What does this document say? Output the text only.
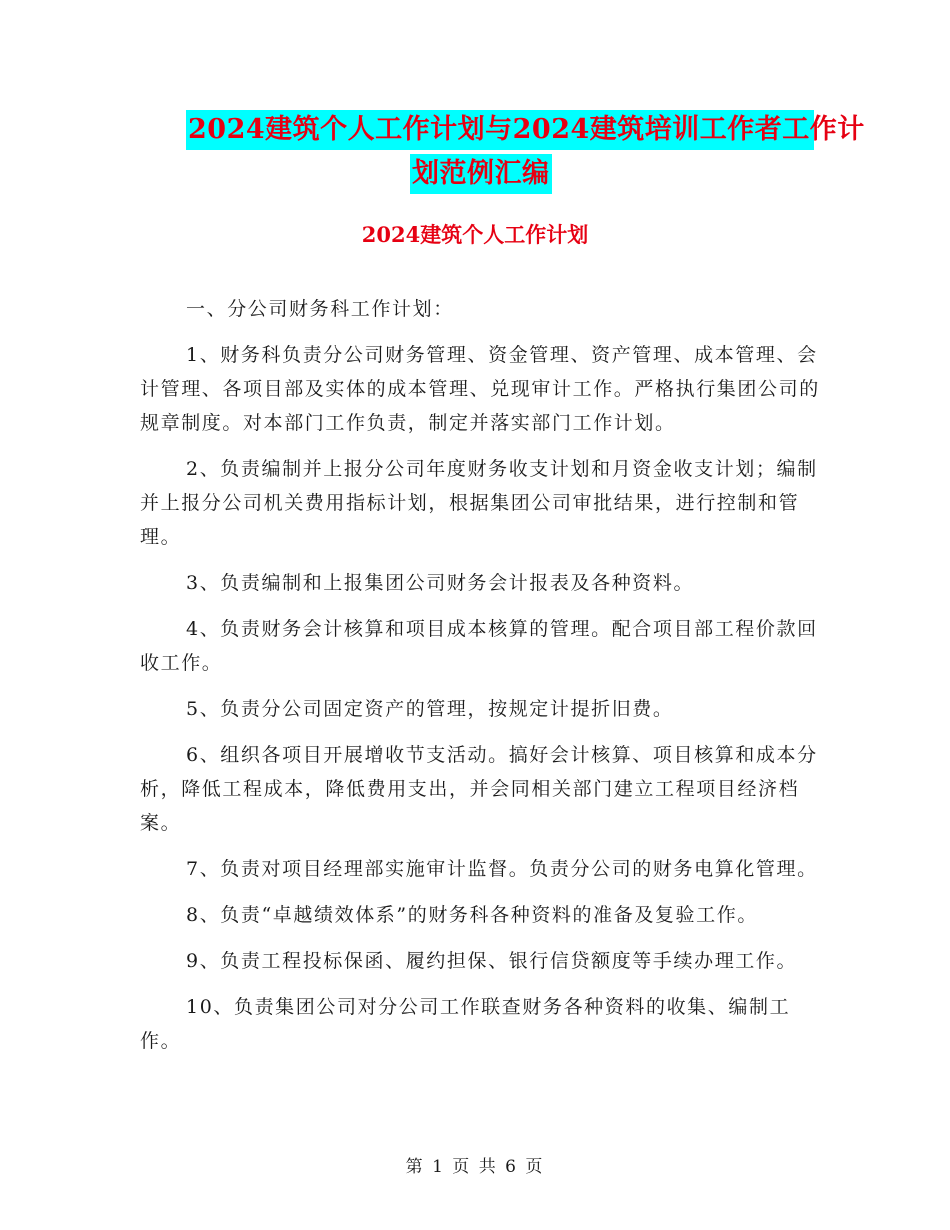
2024建筑个人工作计划与2024建筑培训工作者工作计
划范例汇编
2024建筑个人工作计划

一、分公司财务科工作计划：

1、财务科负责分公司财务管理、资金管理、资产管理、成本管理、会计管理、各项目部及实体的成本管理、兑现审计工作。严格执行集团公司的规章制度。对本部门工作负责，制定并落实部门工作计划。

2、负责编制并上报分公司年度财务收支计划和月资金收支计划；编制并上报分公司机关费用指标计划，根据集团公司审批结果，进行控制和管理。

3、负责编制和上报集团公司财务会计报表及各种资料。

4、负责财务会计核算和项目成本核算的管理。配合项目部工程价款回收工作。

5、负责分公司固定资产的管理，按规定计提折旧费。

6、组织各项目开展增收节支活动。搞好会计核算、项目核算和成本分析，降低工程成本，降低费用支出，并会同相关部门建立工程项目经济档案。

7、负责对项目经理部实施审计监督。负责分公司的财务电算化管理。

8、负责“卓越绩效体系”的财务科各种资料的准备及复验工作。

9、负责工程投标保函、履约担保、银行信贷额度等手续办理工作。

10、负责集团公司对分公司工作联查财务各种资料的收集、编制工作。

第 1 页 共 6 页
